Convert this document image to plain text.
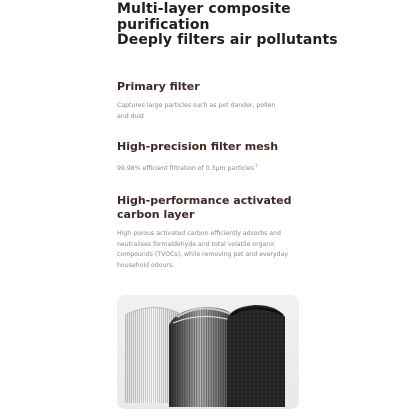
Multi-layer composite
purification
Deeply filters air pollutants
Primary filter
Captures large particles such as pet dander, pollen
and dust
High-precision filter mesh
99.98% efficient filtration of 0.3μm particles$^1$
High-performance activated
carbon layer
High porous activated carbon efficiently adsorbs and
neutralises formaldehyde and total volatile organic
compounds (TVOCs), while removing pet and everyday
household odours.
